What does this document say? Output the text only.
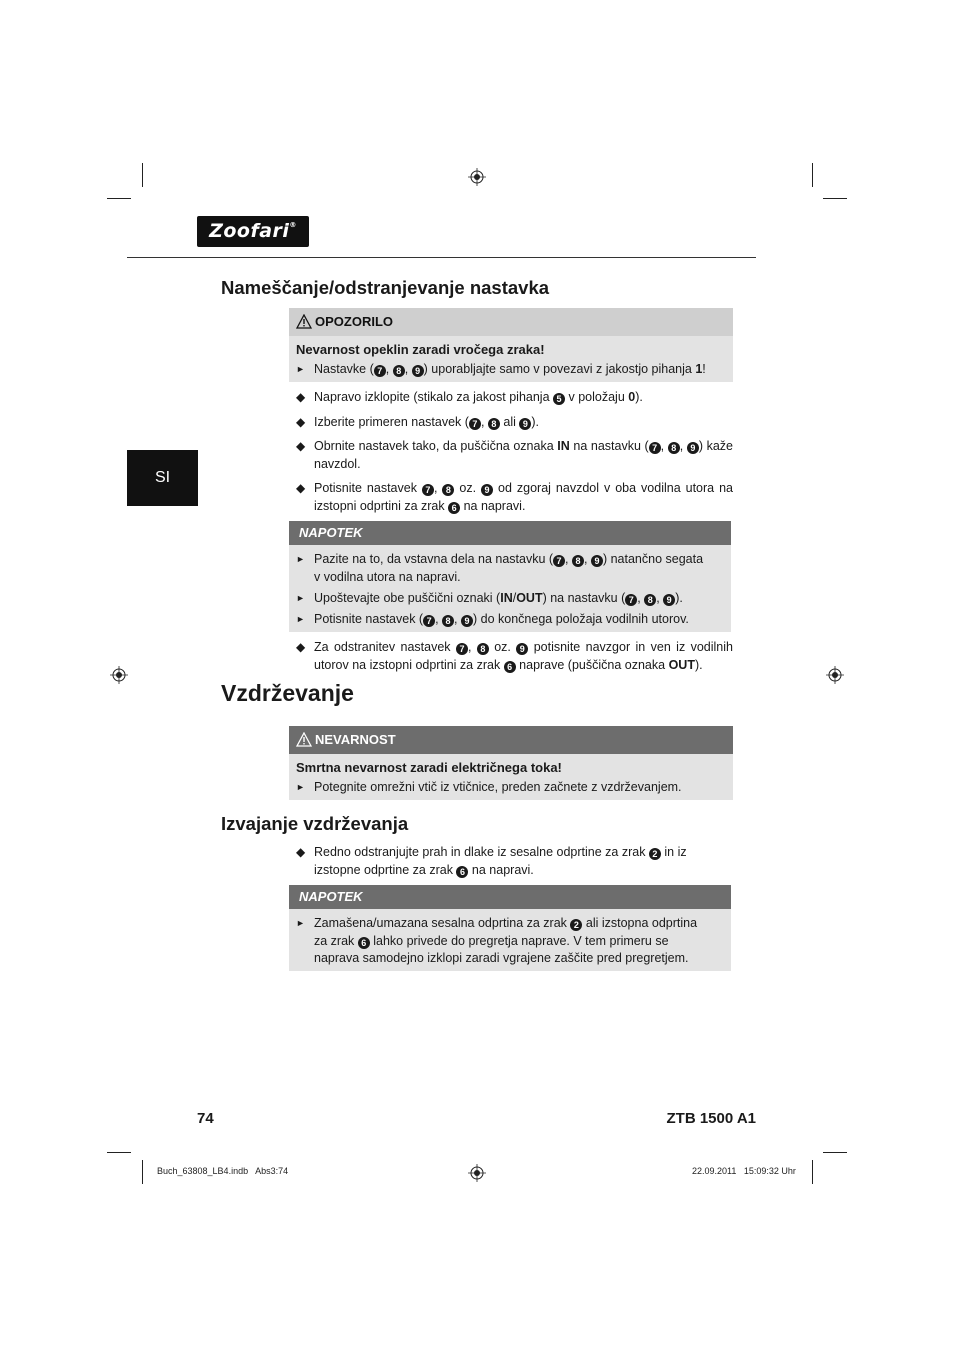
Zoofari®
SI
Nameščanje/odstranjevanje nastavka
OPOZORILO
Nevarnost opeklin zaradi vročega zraka!
► Nastavke ( 7 , 8 , 9 ) uporabljajte samo v povezavi z jakostjo pihanja 1!
◆ Napravo izklopite (stikalo za jakost pihanja 5 v položaju 0).
◆ Izberite primeren nastavek ( 7 , 8 ali 9 ).
◆ Obrnite nastavek tako, da puščična oznaka IN na nastavku ( 7 , 8 , 9 ) kaže navzdol.
◆ Potisnite nastavek 7 , 8 oz. 9 od zgoraj navzdol v oba vodilna utora na izstopni odprtini za zrak 6 na napravi.
NAPOTEK
► Pazite na to, da vstavna dela na nastavku ( 7 , 8 , 9 ) natančno segata v vodilna utora na napravi.
► Upoštevajte obe puščični oznaki (IN/OUT) na nastavku ( 7 , 8 , 9 ).
► Potisnite nastavek ( 7 , 8 , 9 ) do končnega položaja vodilnih utorov.
◆ Za odstranitev nastavek 7 , 8 oz. 9 potisnite navzgor in ven iz vodilnih utorov na izstopni odprtini za zrak 6 naprave (puščična oznaka OUT).
Vzdrževanje
NEVARNOST
Smrtna nevarnost zaradi električnega toka!
► Potegnite omrežni vtič iz vtičnice, preden začnete z vzdrževanjem.
Izvajanje vzdrževanja
◆ Redno odstranjujte prah in dlake iz sesalne odprtine za zrak 2 in iz izstopne odprtine za zrak 6 na napravi.
NAPOTEK
► Zamašena/umazana sesalna odprtina za zrak 2 ali izstopna odprtina za zrak 6 lahko privede do pregretja naprave. V tem primeru se naprava samodejno izklopi zaradi vgrajene zaščite pred pregretjem.
74	ZTB 1500 A1
Buch_63808_LB4.indb   Abs3:74	22.09.2011   15:09:32 Uhr
